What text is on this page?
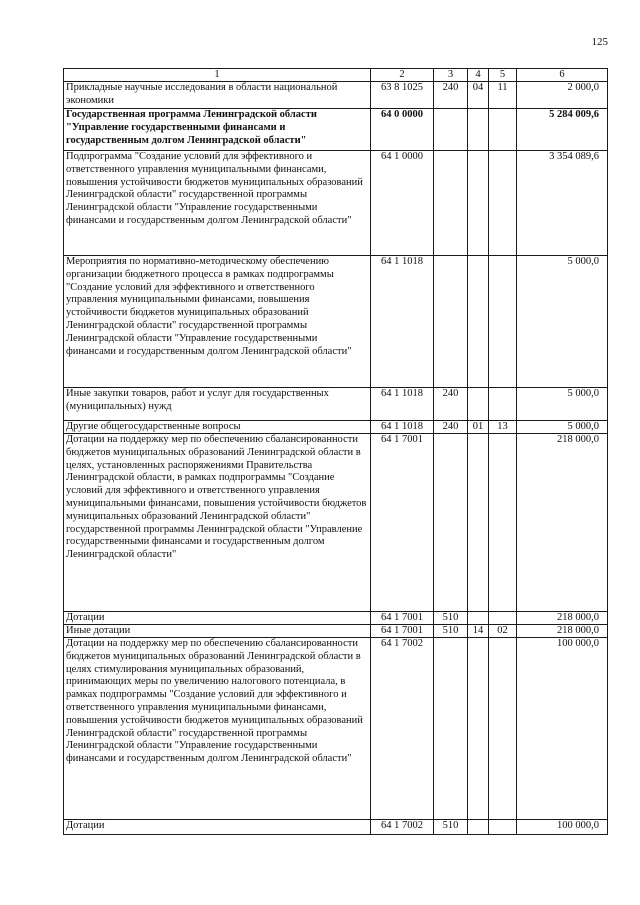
125
1	2	3	4	5	6
Прикладные научные исследования в области национальной экономики	63 8 1025	240	04	11	2 000,0
Государственная программа Ленинградской области "Управление государственными финансами и государственным долгом Ленинградской области"	64 0 0000				5 284 009,6
Подпрограмма "Создание условий для эффективного и ответственного управления муниципальными финансами, повышения устойчивости бюджетов муниципальных образований Ленинградской области" государственной программы Ленинградской области "Управление государственными финансами и государственным долгом Ленинградской области"	64 1 0000				3 354 089,6
Мероприятия по нормативно-методическому обеспечению организации бюджетного процесса в рамках подпрограммы "Создание условий для эффективного и ответственного управления муниципальными финансами, повышения устойчивости бюджетов муниципальных образований Ленинградской области" государственной программы Ленинградской области "Управление государственными финансами и государственным долгом Ленинградской области"	64 1 1018				5 000,0
Иные закупки товаров, работ и услуг для государственных (муниципальных) нужд	64 1 1018	240			5 000,0
Другие общегосударственные вопросы	64 1 1018	240	01	13	5 000,0
Дотации на поддержку мер по обеспечению сбалансированности бюджетов муниципальных образований Ленинградской области в целях, установленных распоряжениями Правительства Ленинградской области, в рамках подпрограммы "Создание условий для эффективного и ответственного управления муниципальными финансами, повышения устойчивости бюджетов муниципальных образований Ленинградской области" государственной программы Ленинградской области "Управление государственными финансами и государственным долгом Ленинградской области"	64 1 7001				218 000,0
Дотации	64 1 7001	510			218 000,0
Иные дотации	64 1 7001	510	14	02	218 000,0
Дотации на поддержку мер по обеспечению сбалансированности бюджетов муниципальных образований Ленинградской области в целях стимулирования муниципальных образований, принимающих меры по увеличению налогового потенциала, в рамках подпрограммы "Создание условий для эффективного и ответственного управления муниципальными финансами, повышения устойчивости бюджетов муниципальных образований Ленинградской области" государственной программы Ленинградской области "Управление государственными финансами и государственным долгом Ленинградской области"	64 1 7002				100 000,0
Дотации	64 1 7002	510			100 000,0
